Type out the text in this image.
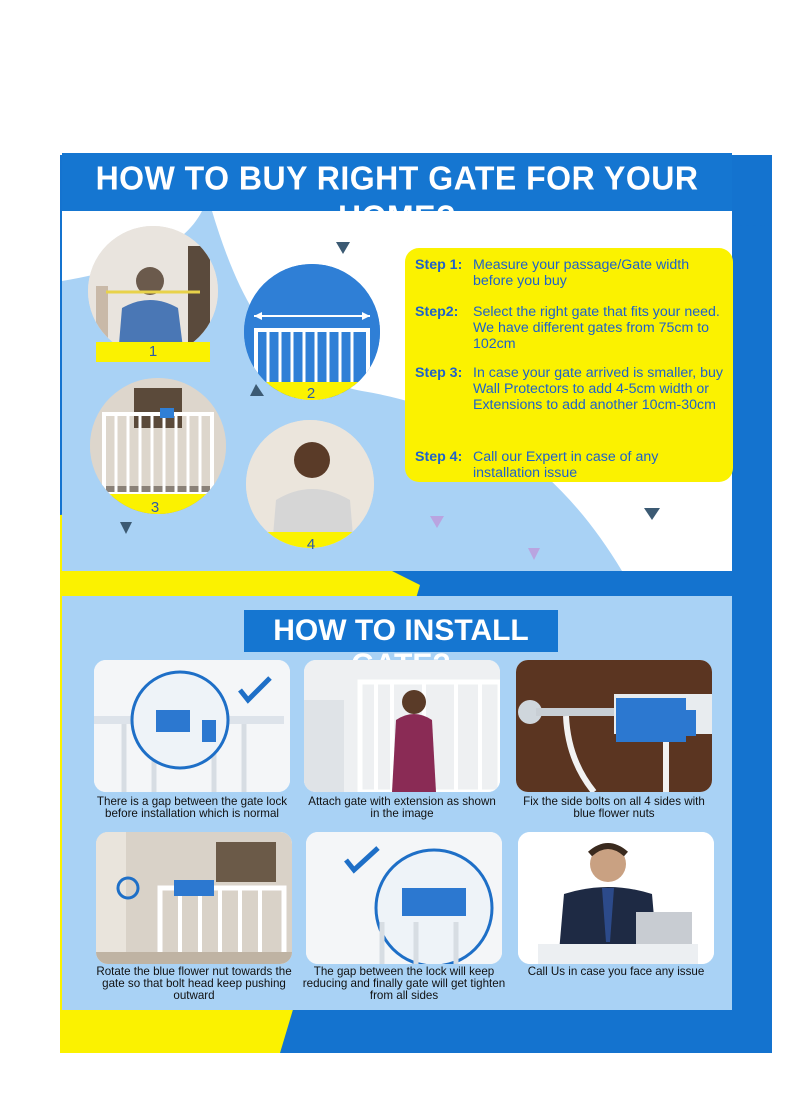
HOW TO BUY RIGHT GATE FOR YOUR
1
2
3
4
Step 1: Measure your passage/Gate width before you buy
Step2: Select the right gate that fits your need. We have different gates from 75cm to 102cm
Step 3: In case your gate arrived is smaller, buy Wall Protectors to add 4-5cm width or Extensions to add another 10cm-30cm
Step 4: Call our Expert in case of any installation issue
HOW TO INSTALL
There is a gap between the gate lock before installation which is normal
Attach gate with extension as shown in the image
Fix the side bolts on all 4 sides with blue flower nuts
Rotate the blue flower nut towards the gate so that bolt head keep pushing outward
The gap between the lock will keep reducing and finally gate will get tighten from all sides
Call Us in case you face any issue
